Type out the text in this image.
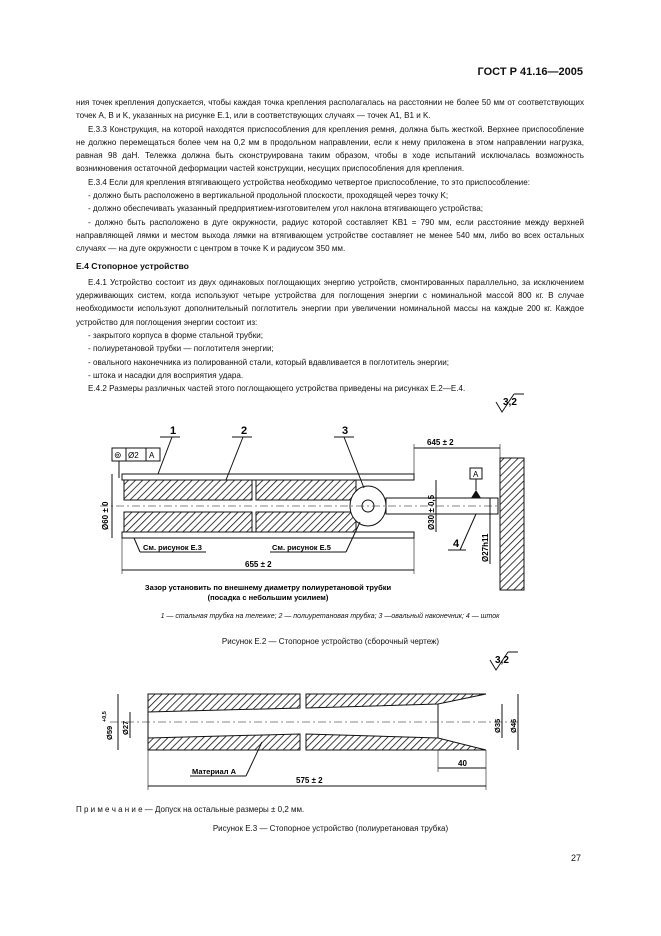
ГОСТ Р 41.16—2005

ния точек крепления допускается, чтобы каждая точка крепления располагалась на расстоянии не более 50 мм от соответствующих точек A, B и K, указанных на рисунке Е.1, или в соответствующих случаях — точек A1, B1 и K.

Е.3.3 Конструкция, на которой находятся приспособления для крепления ремня, должна быть жесткой. Верхнее приспособление не должно перемещаться более чем на 0,2 мм в продольном направлении, если к нему приложена в этом направлении нагрузка, равная 98 даН. Тележка должна быть сконструирована таким образом, чтобы в ходе испытаний исключалась возможность возникновения остаточной деформации частей конструкции, несущих приспособления для крепления.

Е.3.4 Если для крепления втягивающего устройства необходимо четвертое приспособление, то это приспособление:

- должно быть расположено в вертикальной продольной плоскости, проходящей через точку K;

- должно обеспечивать указанный предприятием-изготовителем угол наклона втягивающего устройства;

- должно быть расположено в дуге окружности, радиус которой составляет KB1 = 790 мм, если расстояние между верхней направляющей лямки и местом выхода лямки на втягивающем устройстве составляет не менее 540 мм, либо во всех остальных случаях — на дуге окружности с центром в точке K и радиусом 350 мм.

Е.4 Стопорное устройство

Е.4.1 Устройство состоит из двух одинаковых поглощающих энергию устройств, смонтированных параллельно, за исключением удерживающих систем, когда используют четыре устройства для поглощения энергии с номинальной массой 800 кг. В случае необходимости используют дополнительный поглотитель энергии при увеличении номинальной массы на каждые 200 кг. Каждое устройство для поглощения энергии состоит из:

- закрытого корпуса в форме стальной трубки;

- полиуретановой трубки — поглотителя энергии;

- овального наконечника из полированной стали, который вдавливается в поглотитель энергии;

- штока и насадки для восприятия удара.

Е.4.2 Размеры различных частей этого поглощающего устройства приведены на рисунках Е.2—Е.4.

3,2
⊚ Ø2 A
A
1	2	3
4
645 ± 2
655 ± 2
См. рисунок Е.3	См. рисунок Е.5
Ø60 ± 0	Ø30 ± 0,5
Ø27h11
Зазор установить по внешнему диаметру полиуретановой трубки
(посадка с небольшим усилием)
3,2
Ø59
+0,5
Ø27	Ø35 Ø46
Материал А
40
575 ± 2
1 — стальная трубка на тележке; 2 — полиуретановая трубка; 3 —овальный наконечник; 4 — шток
Рисунок Е.2 — Стопорное устройство (сборочный чертеж)
П р и м е ч а н и е — Допуск на остальные размеры ± 0,2 мм.
Рисунок Е.3 — Стопорное устройство (полиуретановая трубка)
27
